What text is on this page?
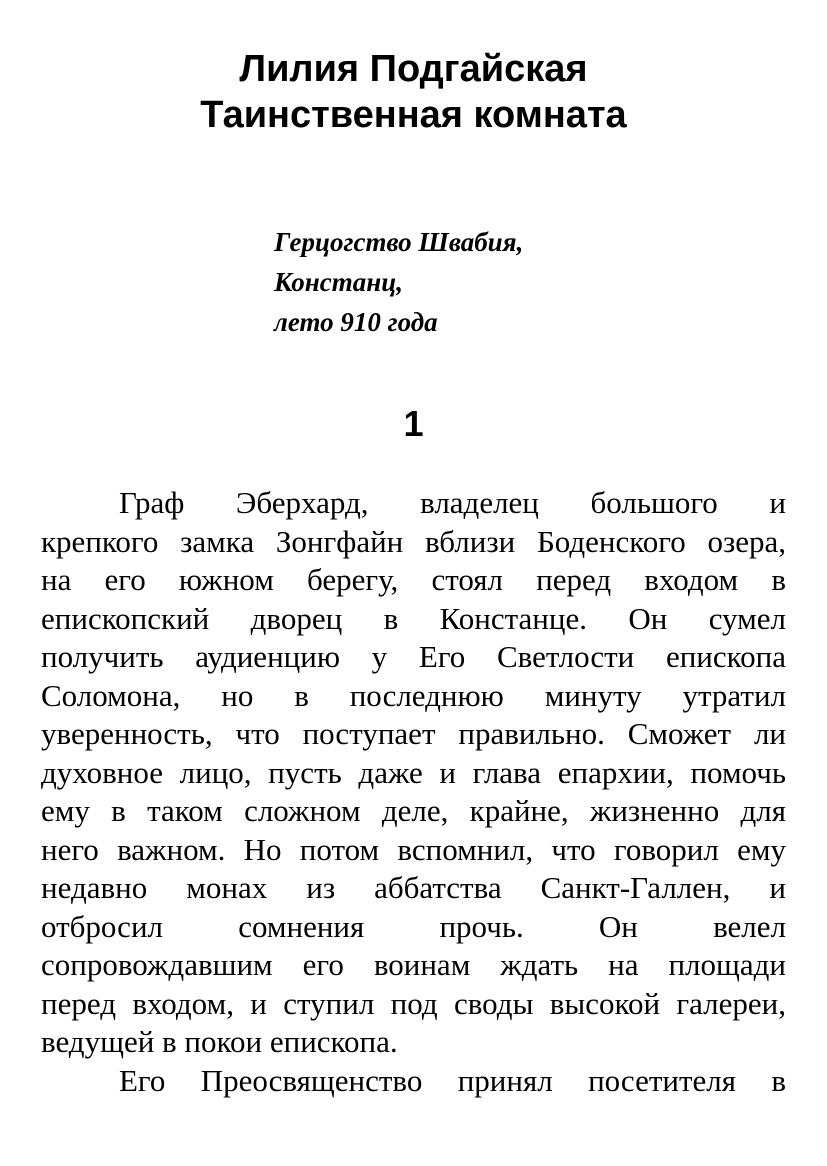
Лилия Подгайская
Таинственная комната
Герцогство Швабия,
Констанц,
лето 910 года
1
Граф Эберхард, владелец большого и
крепкого замка Зонгфайн вблизи Боденского озера,
на его южном берегу, стоял перед входом в
епископский дворец в Констанце. Он сумел
получить аудиенцию у Его Светлости епископа
Соломона, но в последнюю минуту утратил
уверенность, что поступает правильно. Сможет ли
духовное лицо, пусть даже и глава епархии, помочь
ему в таком сложном деле, крайне, жизненно для
него важном. Но потом вспомнил, что говорил ему
недавно монах из аббатства Санкт-Галлен, и
отбросил сомнения прочь. Он велел
сопровождавшим его воинам ждать на площади
перед входом, и ступил под своды высокой галереи,
ведущей в покои епископа.
Его Преосвященство принял посетителя в
